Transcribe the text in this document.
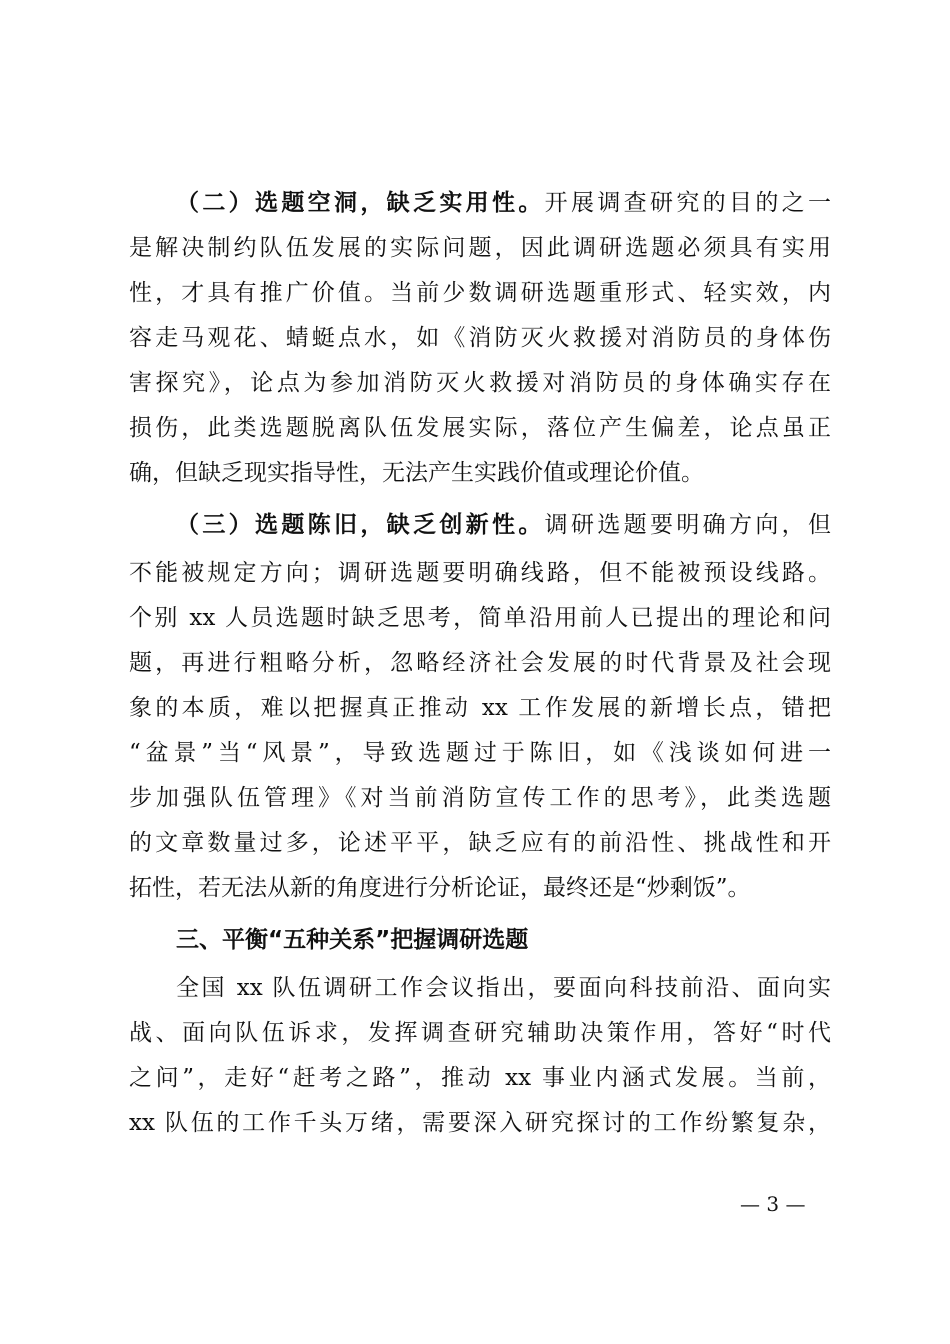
（二）选题空洞，缺乏实用性。开展调查研究的目的之一
是解决制约队伍发展的实际问题，因此调研选题必须具有实用
性，才具有推广价值。当前少数调研选题重形式、轻实效，内
容走马观花、蜻蜓点水，如《消防灭火救援对消防员的身体伤
害探究》，论点为参加消防灭火救援对消防员的身体确实存在
损伤，此类选题脱离队伍发展实际，落位产生偏差，论点虽正
确，但缺乏现实指导性，无法产生实践价值或理论价值。
（三）选题陈旧，缺乏创新性。调研选题要明确方向，但
不能被规定方向；调研选题要明确线路，但不能被预设线路。
个别 xx 人员选题时缺乏思考，简单沿用前人已提出的理论和问
题，再进行粗略分析，忽略经济社会发展的时代背景及社会现
象的本质，难以把握真正推动 xx 工作发展的新增长点，错把
“盆景”当“风景”，导致选题过于陈旧，如《浅谈如何进一
步加强队伍管理》《对当前消防宣传工作的思考》，此类选题
的文章数量过多，论述平平，缺乏应有的前沿性、挑战性和开
拓性，若无法从新的角度进行分析论证，最终还是“炒剩饭”。
三、平衡“五种关系”把握调研选题
全国 xx 队伍调研工作会议指出，要面向科技前沿、面向实
战、面向队伍诉求，发挥调查研究辅助决策作用，答好“时代
之问”，走好“赶考之路”，推动 xx 事业内涵式发展。当前，
xx 队伍的工作千头万绪，需要深入研究探讨的工作纷繁复杂，
— 3 —
